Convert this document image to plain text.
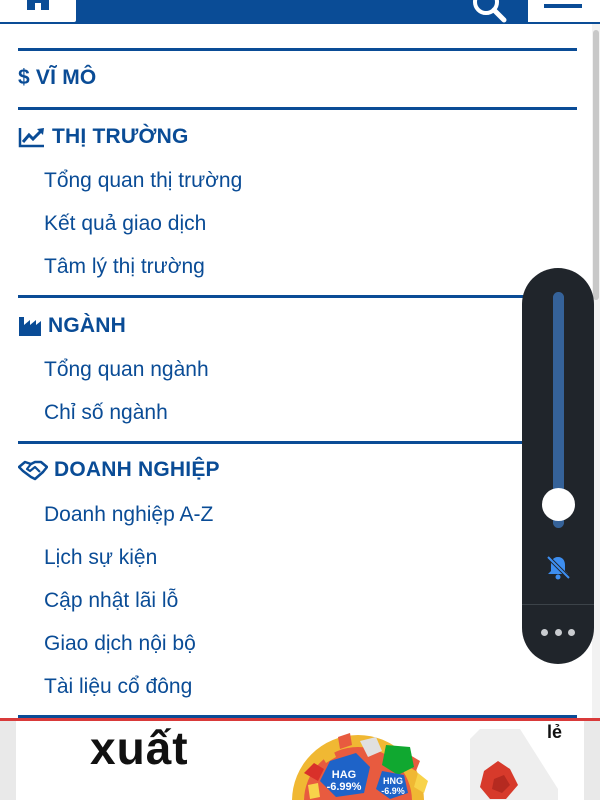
$ VĨ MÔ
THỊ TRƯỜNG
Tổng quan thị trường
Kết quả giao dịch
Tâm lý thị trường
NGÀNH
Tổng quan ngành
Chỉ số ngành
DOANH NGHIỆP
Doanh nghiệp A-Z
Lịch sự kiện
Cập nhật lãi lỗ
Giao dịch nội bộ
Tài liệu cổ đông
xuất
HAG
-6.99% HNG
-6.9%
lẻ
